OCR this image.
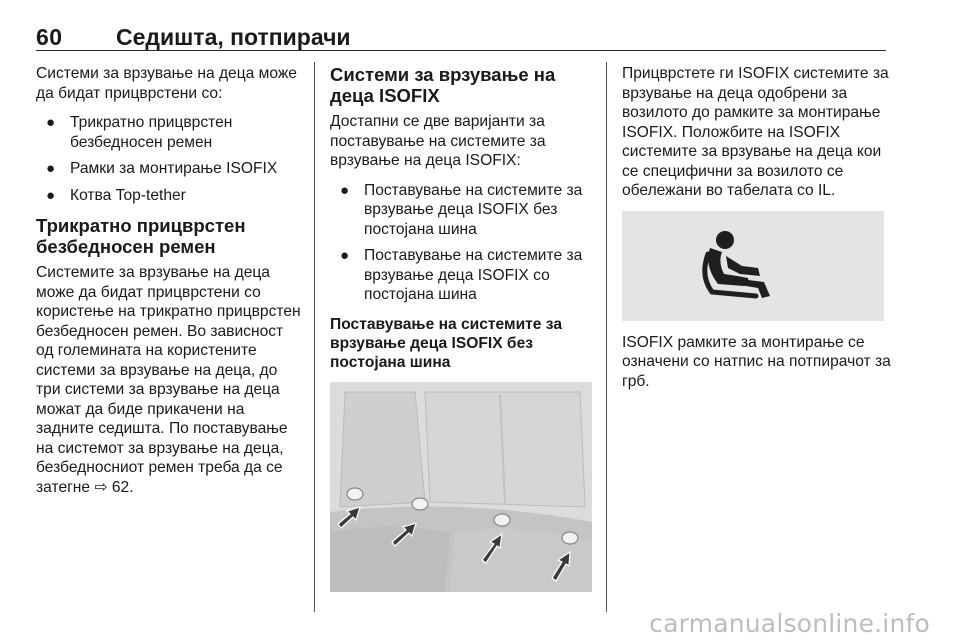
60 Седишта, потпирачи

Системи за врзување на деца може да бидат прицврстени со:

● Трикратно прицврстен безбедносен ремен
● Рамки за монтирање ISOFIX
● Котва Top-tether
Трикратно прицврстен безбедносен ремен

Системите за врзување на деца може да бидат прицврстени со користење на трикратно прицврстен безбедносен ремен. Во зависност од големината на користените системи за врзување на деца, до три системи за врзување на деца можат да биде прикачени на задните седишта. По поставување на системот за врзување на деца, безбедносниот ремен треба да се затегне ⇨ 62.

Системи за врзување на деца ISOFIX

Достапни се две варијанти за поставување на системите за врзување на деца ISOFIX:

● Поставување на системите за врзување деца ISOFIX без постојана шина
● Поставување на системите за врзување деца ISOFIX со постојана шина
Поставување на системите за врзување деца ISOFIX без постојана шина

Прицврстете ги ISOFIX системите за врзување на деца одобрени за возилото до рамките за монтирање ISOFIX. Положбите на ISOFIX системите за врзување на деца кои се специфични за возилото се обележани во табелата со IL.

ISOFIX рамките за монтирање се означени со натпис на потпирачот за грб.

carmanualsonline.info
